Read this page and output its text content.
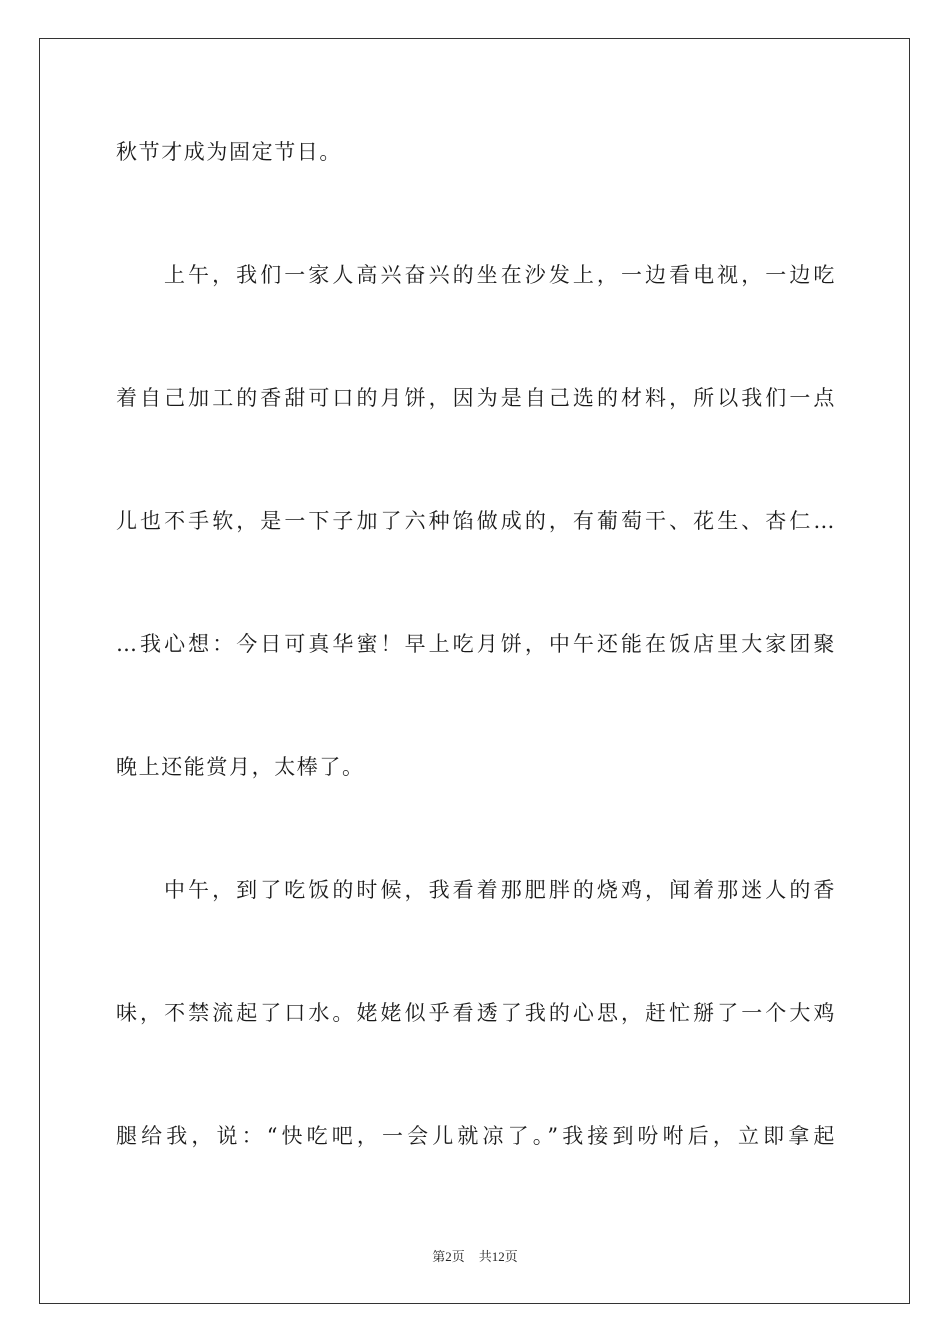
秋节才成为固定节日。
上午，我们一家人高兴奋兴的坐在沙发上，一边看电视，一边吃
着自己加工的香甜可口的月饼，因为是自己选的材料，所以我们一点
儿也不手软，是一下子加了六种馅做成的，有葡萄干、花生、杏仁…
…我心想：今日可真华蜜！早上吃月饼，中午还能在饭店里大家团聚
晚上还能赏月，太棒了。
中午，到了吃饭的时候，我看着那肥胖的烧鸡，闻着那迷人的香
味，不禁流起了口水。姥姥似乎看透了我的心思，赶忙掰了一个大鸡
腿给我，说：“快吃吧，一会儿就凉了。”我接到吩咐后，立即拿起
第2页 共12页
